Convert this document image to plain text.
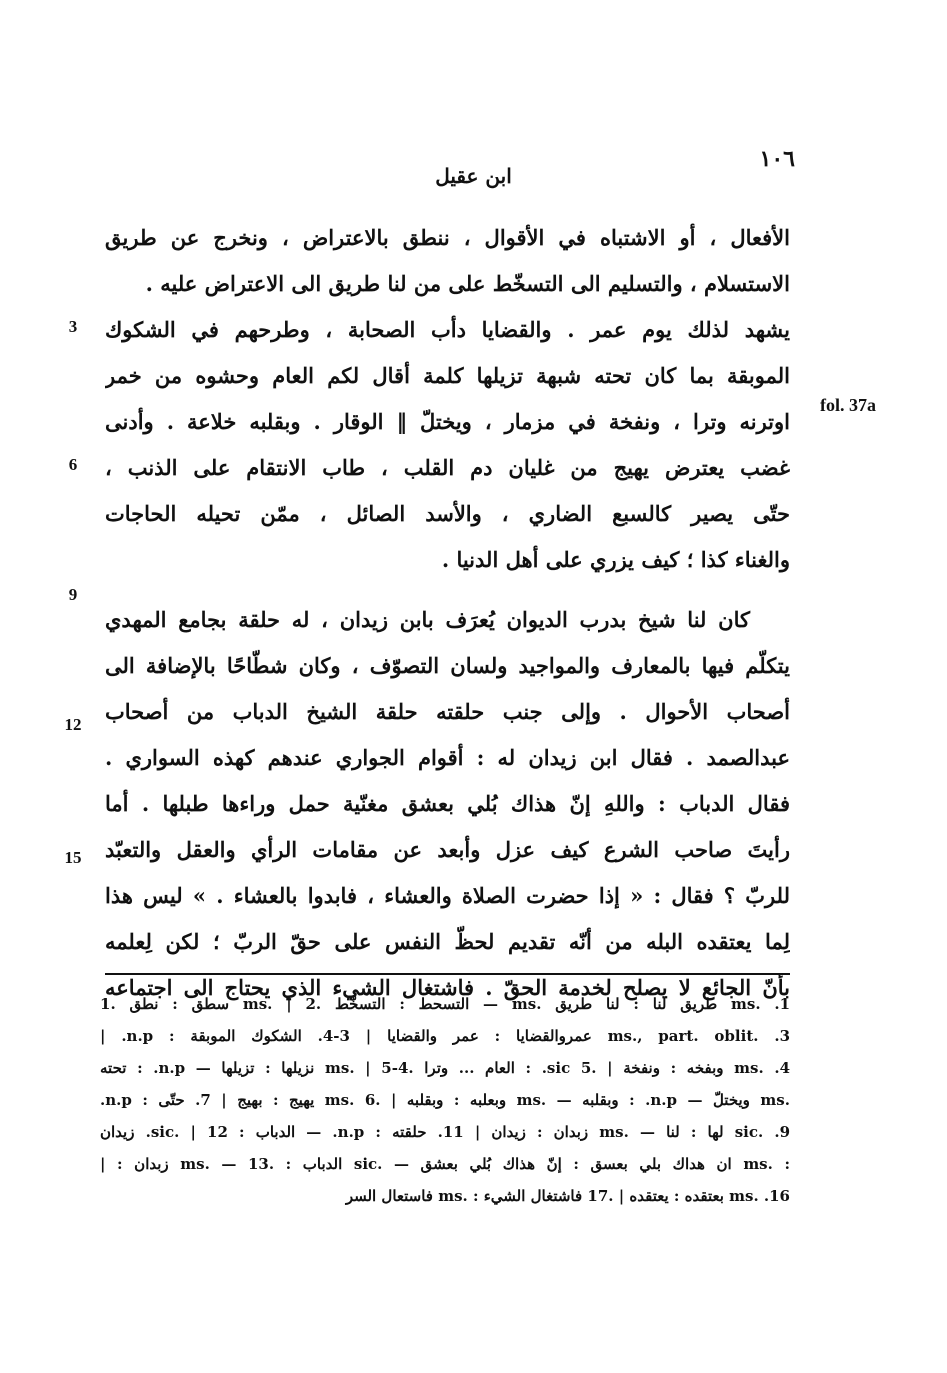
١٠٦
ابن عقيل
fol. 37a
3
6
9
12
15
الأفعال ، أو الاشتباه في الأقوال ، ننطق بالاعتراض ، ونخرج عن طريق
الاستسلام ، والتسليم الى التسخّط على من لنا طريق الى الاعتراض عليه .
يشهد لذلك يوم عمر . والقضايا دأب الصحابة ، وطرحهم في الشكوك
الموبقة بما كان تحته شبهة تزيلها كلمة أقال لكم العام وحشوه من خمر
اوترنه وترا ، ونفخة في مزمار ، ويختلّ ‖ الوقار . وبقلبه خلاعة . وأدنى
غضب يعترض يهيج من غليان دم القلب ، طاب الانتقام على الذنب ،
حتّى يصير كالسبع الضاري ، والأسد الصائل ، ممّن تحيله الحاجات
والغناء كذا ؛ كيف يزري على أهل الدنيا .
كان لنا شيخ بدرب الديوان يُعرَف بابن زيدان ، له حلقة بجامع المهدي
يتكلّم فيها بالمعارف والمواجيد ولسان التصوّف ، وكان شطّاحًا بالإضافة الى
أصحاب الأحوال . وإلى جنب حلقته حلقة الشيخ الدباب من أصحاب
عبدالصمد . فقال ابن زيدان له : أقوام الجواري عندهم كهذه السواري .
فقال الدباب : واللهِ إنّ هذاك بُلي بعشق مغنّية حمل وراءها طبلها . أما
رأيتَ صاحب الشرع كيف عزل وأبعد عن مقامات الرأي والعقل والتعبّد
للربّ ؟ فقال : « إذا حضرت الصلاة والعشاء ، فابدوا بالعشاء . » ليس هذا
لِما يعتقده البله من أنّه تقديم لحظّ النفس على حقّ الربّ ؛ لكن لِعلمه
بأنّ الجائع لا يصلح لخدمة الحقّ . فاشتغال الشيء الذي يحتاج الى اجتماعه
1. .ms طريق لنا : لنا طريق .ms ‏— التسحط : التسخّط .2 | .ms سطق : نطق .1
3. .ms., part. oblit عمروالقضايا : عمر والقضايا | 3-4. الشكوك الموبقة : n.p. |
4. .ms وبفخه : ونفخة | .5 sic. : العام ... وترا .4-5 | .ms نزيلها : تزيلها ‏— n.p. : تحته
.ms ويختلّ ‏— n.p. : وبقلبه ‏— .ms وبعلبه : وبقلبه | .6 .ms يهيج : بهيج | 7. حتّى : n.p.
9. .sic لها : لنا ‏— .ms زبدان : زيدان | 11. حلقته : n.p. ‏— الدباب : sic. | 12. زيدان
: .ms ان هداك بلي بعسق : إنّ هذاك بُلي بعشق ‏— .sic الدباب : .13 ‏— .ms زبدان : |
16. .ms بعتقده : يعتقده | .17 فاشتغال الشيء : .ms فاستعال السر
